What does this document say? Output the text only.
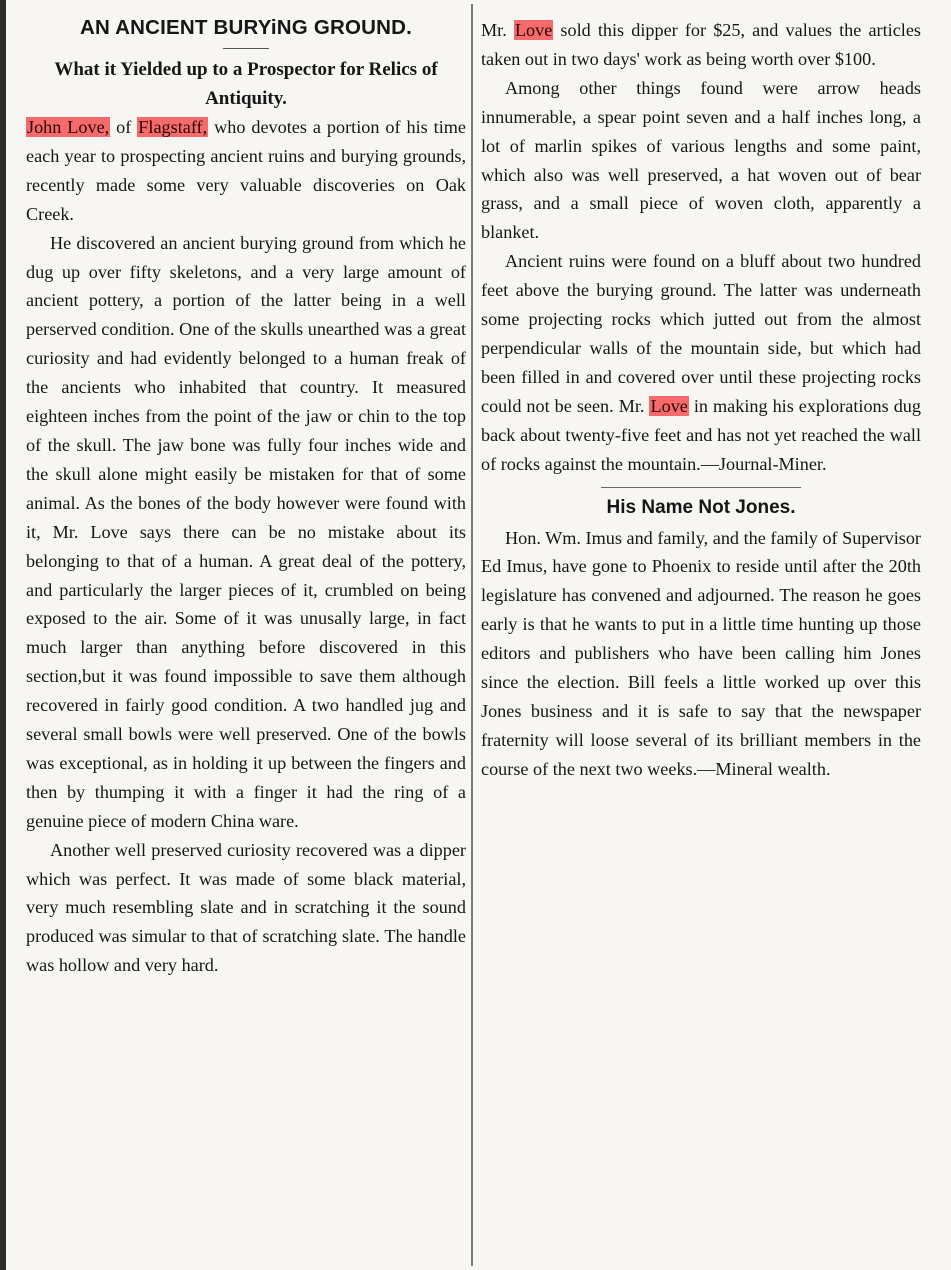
AN ANCIENT BURYiNG GROUND.
What it Yielded up to a Prospector for Relics of Antiquity.

John Love, of Flagstaff, who devotes a portion of his time each year to prospecting ancient ruins and burying grounds, recently made some very valuable discoveries on Oak Creek.

He discovered an ancient burying ground from which he dug up over fifty skeletons, and a very large amount of ancient pottery, a portion of the latter being in a well perserved condition. One of the skulls unearthed was a great curiosity and had evidently belonged to a human freak of the ancients who inhabited that country. It measured eighteen inches from the point of the jaw or chin to the top of the skull. The jaw bone was fully four inches wide and the skull alone might easily be mistaken for that of some animal. As the bones of the body however were found with it, Mr. Love says there can be no mistake about its belonging to that of a human. A great deal of the pottery, and particularly the larger pieces of it, crumbled on being exposed to the air. Some of it was unusally large, in fact much larger than anything before discovered in this section,but it was found impossible to save them although recovered in fairly good condition. A two handled jug and several small bowls were well preserved. One of the bowls was exceptional, as in holding it up between the fingers and then by thumping it with a finger it had the ring of a genuine piece of modern China ware.

Another well preserved curiosity recovered was a dipper which was perfect. It was made of some black material, very much resembling slate and in scratching it the sound produced was simular to that of scratching slate. The handle was hollow and very hard.

Mr. Love sold this dipper for $25, and values the articles taken out in two days' work as being worth over $100.

Among other things found were arrow heads innumerable, a spear point seven and a half inches long, a lot of marlin spikes of various lengths and some paint, which also was well preserved, a hat woven out of bear grass, and a small piece of woven cloth, apparently a blanket.

Ancient ruins were found on a bluff about two hundred feet above the burying ground. The latter was underneath some projecting rocks which jutted out from the almost perpendicular walls of the mountain side, but which had been filled in and covered over until these projecting rocks could not be seen. Mr. Love in making his explorations dug back about twenty-five feet and has not yet reached the wall of rocks against the mountain.—Journal-Miner.

His Name Not Jones.

Hon. Wm. Imus and family, and the family of Supervisor Ed Imus, have gone to Phoenix to reside until after the 20th legislature has convened and adjourned. The reason he goes early is that he wants to put in a little time hunting up those editors and publishers who have been calling him Jones since the election. Bill feels a little worked up over this Jones business and it is safe to say that the newspaper fraternity will loose several of its brilliant members in the course of the next two weeks.—Mineral wealth.
